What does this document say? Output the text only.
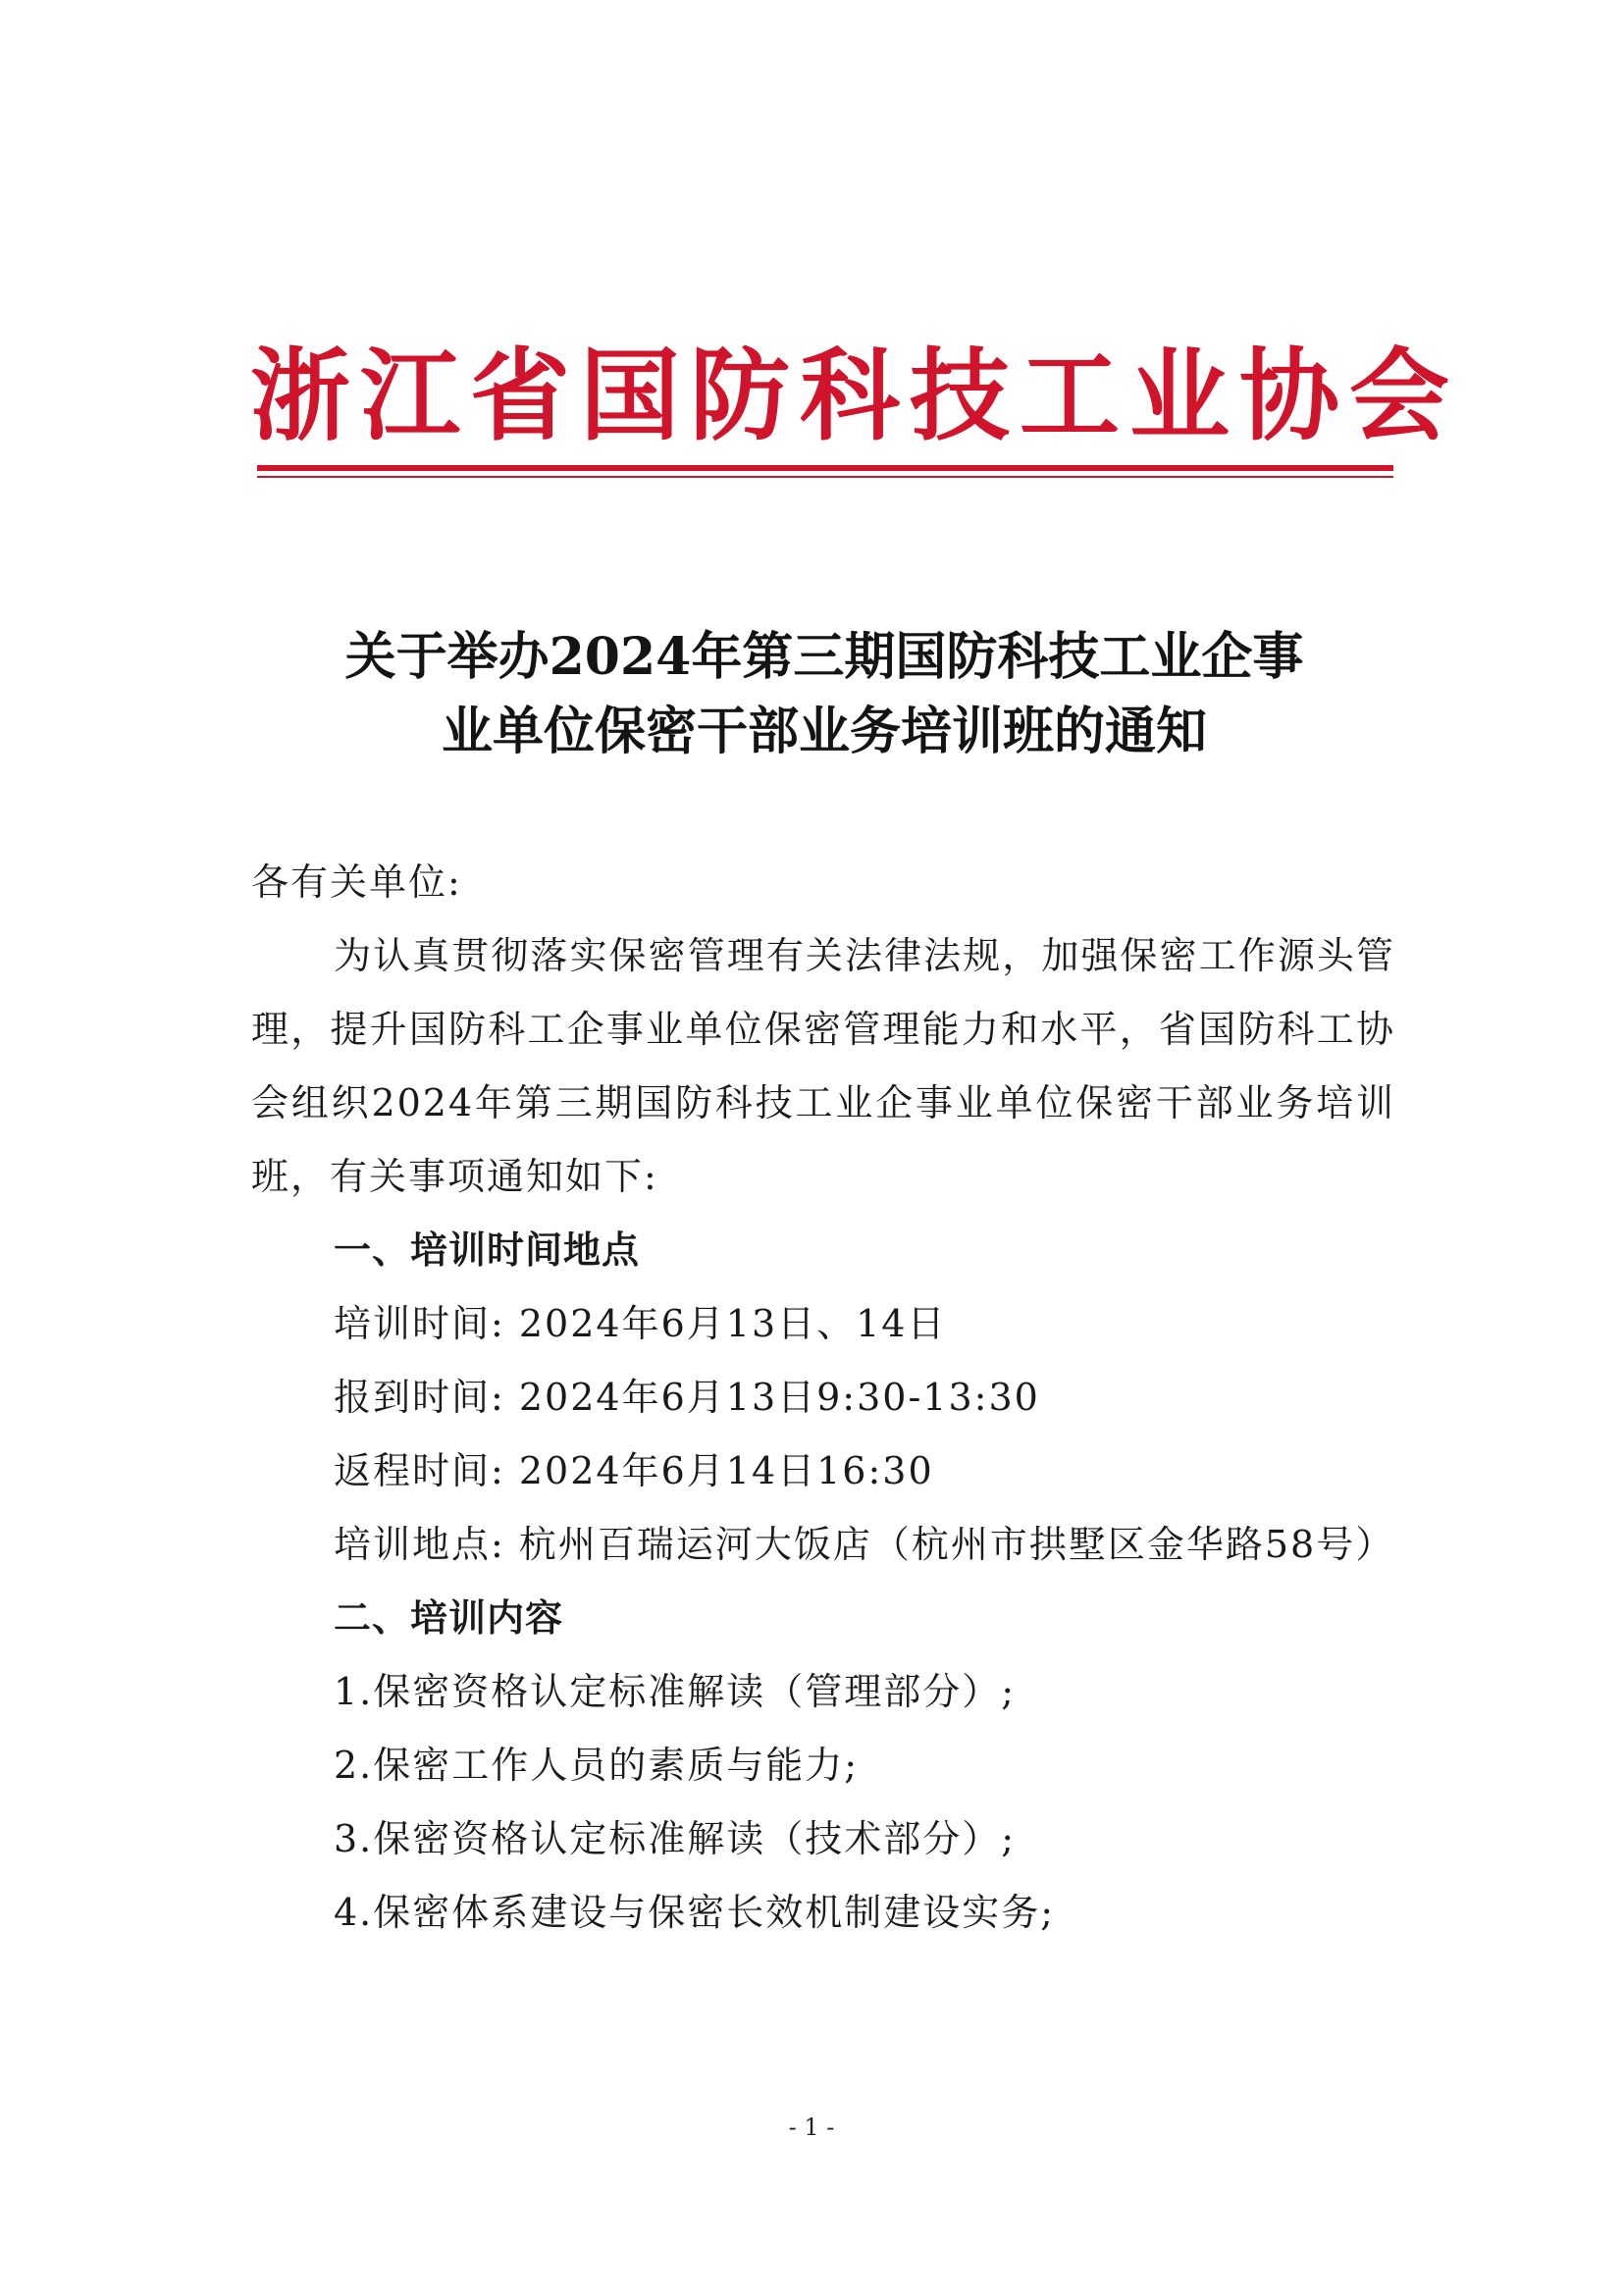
浙江省国防科技工业协会
关于举办2024年第三期国防科技工业企事
业单位保密干部业务培训班的通知

各有关单位:

为认真贯彻落实保密管理有关法律法规，加强保密工作源头管理，提升国防科工企事业单位保密管理能力和水平，省国防科工协会组织2024年第三期国防科技工业企事业单位保密干部业务培训班，有关事项通知如下:

一、培训时间地点

培训时间: 2024年6月13日、14日

报到时间: 2024年6月13日9:30-13:30

返程时间: 2024年6月14日16:30

培训地点: 杭州百瑞运河大饭店（杭州市拱墅区金华路58号）

二、培训内容

1.保密资格认定标准解读（管理部分）;

2.保密工作人员的素质与能力;

3.保密资格认定标准解读（技术部分）;

4.保密体系建设与保密长效机制建设实务;

- 1 -
